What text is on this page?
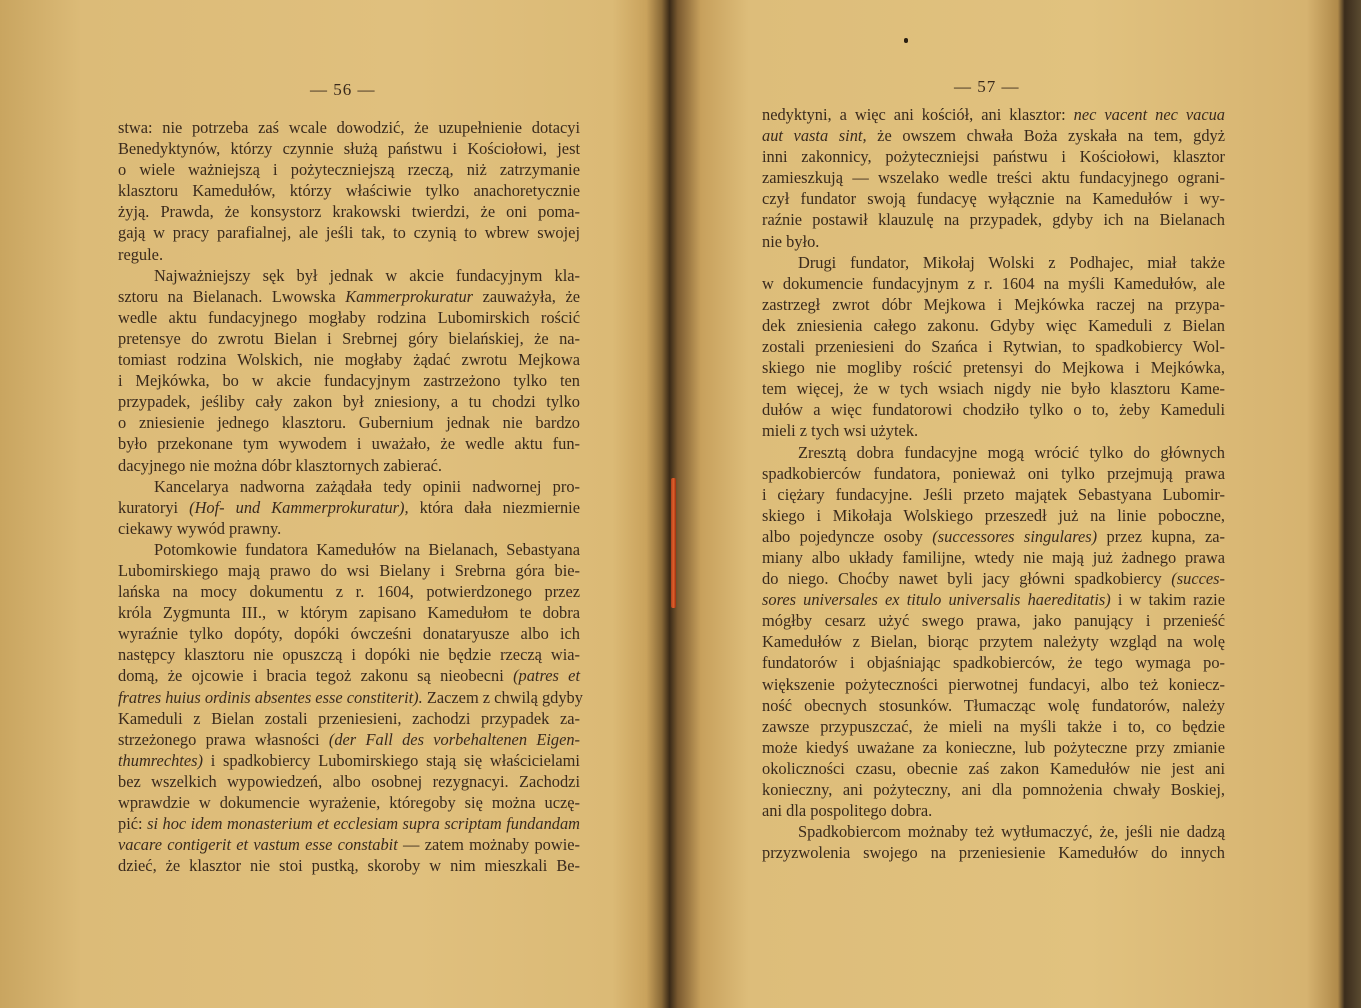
— 56 —
stwa: nie potrzeba zaś wcale dowodzić, że uzupełnienie dotacyi
Benedyktynów, którzy czynnie służą państwu i Kościołowi, jest
o wiele ważniejszą i pożyteczniejszą rzeczą, niż zatrzymanie
klasztoru Kamedułów, którzy właściwie tylko anachoretycznie
żyją. Prawda, że konsystorz krakowski twierdzi, że oni poma-
gają w pracy parafialnej, ale jeśli tak, to czynią to wbrew swojej
regule.
Najważniejszy sęk był jednak w akcie fundacyjnym kla-
sztoru na Bielanach. Lwowska Kammerprokuratur zauważyła, że
wedle aktu fundacyjnego mogłaby rodzina Lubomirskich rościć
pretensye do zwrotu Bielan i Srebrnej góry bielańskiej, że na-
tomiast rodzina Wolskich, nie mogłaby żądać zwrotu Mejkowa
i Mejkówka, bo w akcie fundacyjnym zastrzeżono tylko ten
przypadek, jeśliby cały zakon był zniesiony, a tu chodzi tylko
o zniesienie jednego klasztoru. Gubernium jednak nie bardzo
było przekonane tym wywodem i uważało, że wedle aktu fun-
dacyjnego nie można dóbr klasztornych zabierać.
Kancelarya nadworna zażądała tedy opinii nadwornej pro-
kuratoryi (Hof- und Kammerprokuratur), która dała niezmiernie
ciekawy wywód prawny.
Potomkowie fundatora Kamedułów na Bielanach, Sebastyana
Lubomirskiego mają prawo do wsi Bielany i Srebrna góra bie-
lańska na mocy dokumentu z r. 1604, potwierdzonego przez
króla Zygmunta III., w którym zapisano Kamedułom te dobra
wyraźnie tylko dopóty, dopóki ówcześni donataryusze albo ich
następcy klasztoru nie opuszczą i dopóki nie będzie rzeczą wia-
domą, że ojcowie i bracia tegoż zakonu są nieobecni (patres et
fratres huius ordinis absentes esse constiterit). Zaczem z chwilą gdyby
Kameduli z Bielan zostali przeniesieni, zachodzi przypadek za-
strzeżonego prawa własności (der Fall des vorbehaltenen Eigen-
thumrechtes) i spadkobiercy Lubomirskiego stają się właścicielami
bez wszelkich wypowiedzeń, albo osobnej rezygnacyi. Zachodzi
wprawdzie w dokumencie wyrażenie, któregoby się można uczę-
pić: si hoc idem monasterium et ecclesiam supra scriptam fundandam
vacare contigerit et vastum esse constabit — zatem możnaby powie-
dzieć, że klasztor nie stoi pustką, skoroby w nim mieszkali Be-
— 57 —
nedyktyni, a więc ani kościół, ani klasztor: nec vacent nec vacua
aut vasta sint, że owszem chwała Boża zyskała na tem, gdyż
inni zakonnicy, pożyteczniejsi państwu i Kościołowi, klasztor
zamieszkują — wszelako wedle treści aktu fundacyjnego ograni-
czył fundator swoją fundacyę wyłącznie na Kamedułów i wy-
raźnie postawił klauzulę na przypadek, gdyby ich na Bielanach
nie było.
Drugi fundator, Mikołaj Wolski z Podhajec, miał także
w dokumencie fundacyjnym z r. 1604 na myśli Kamedułów, ale
zastrzegł zwrot dóbr Mejkowa i Mejkówka raczej na przypa-
dek zniesienia całego zakonu. Gdyby więc Kameduli z Bielan
zostali przeniesieni do Szańca i Rytwian, to spadkobiercy Wol-
skiego nie mogliby rościć pretensyi do Mejkowa i Mejkówka,
tem więcej, że w tych wsiach nigdy nie było klasztoru Kame-
dułów a więc fundatorowi chodziło tylko o to, żeby Kameduli
mieli z tych wsi użytek.
Zresztą dobra fundacyjne mogą wrócić tylko do głównych
spadkobierców fundatora, ponieważ oni tylko przejmują prawa
i ciężary fundacyjne. Jeśli przeto majątek Sebastyana Lubomir-
skiego i Mikołaja Wolskiego przeszedł już na linie poboczne,
albo pojedyncze osoby (successores singulares) przez kupna, za-
miany albo układy familijne, wtedy nie mają już żadnego prawa
do niego. Choćby nawet byli jacy główni spadkobiercy (succes-
sores universales ex titulo universalis haereditatis) i w takim razie
mógłby cesarz użyć swego prawa, jako panujący i przenieść
Kamedułów z Bielan, biorąc przytem należyty wzgląd na wolę
fundatorów i objaśniając spadkobierców, że tego wymaga po-
większenie pożyteczności pierwotnej fundacyi, albo też koniecz-
ność obecnych stosunków. Tłumacząc wolę fundatorów, należy
zawsze przypuszczać, że mieli na myśli także i to, co będzie
może kiedyś uważane za konieczne, lub pożyteczne przy zmianie
okoliczności czasu, obecnie zaś zakon Kamedułów nie jest ani
konieczny, ani pożyteczny, ani dla pomnożenia chwały Boskiej,
ani dla pospolitego dobra.
Spadkobiercom możnaby też wytłumaczyć, że, jeśli nie dadzą
przyzwolenia swojego na przeniesienie Kamedułów do innych
